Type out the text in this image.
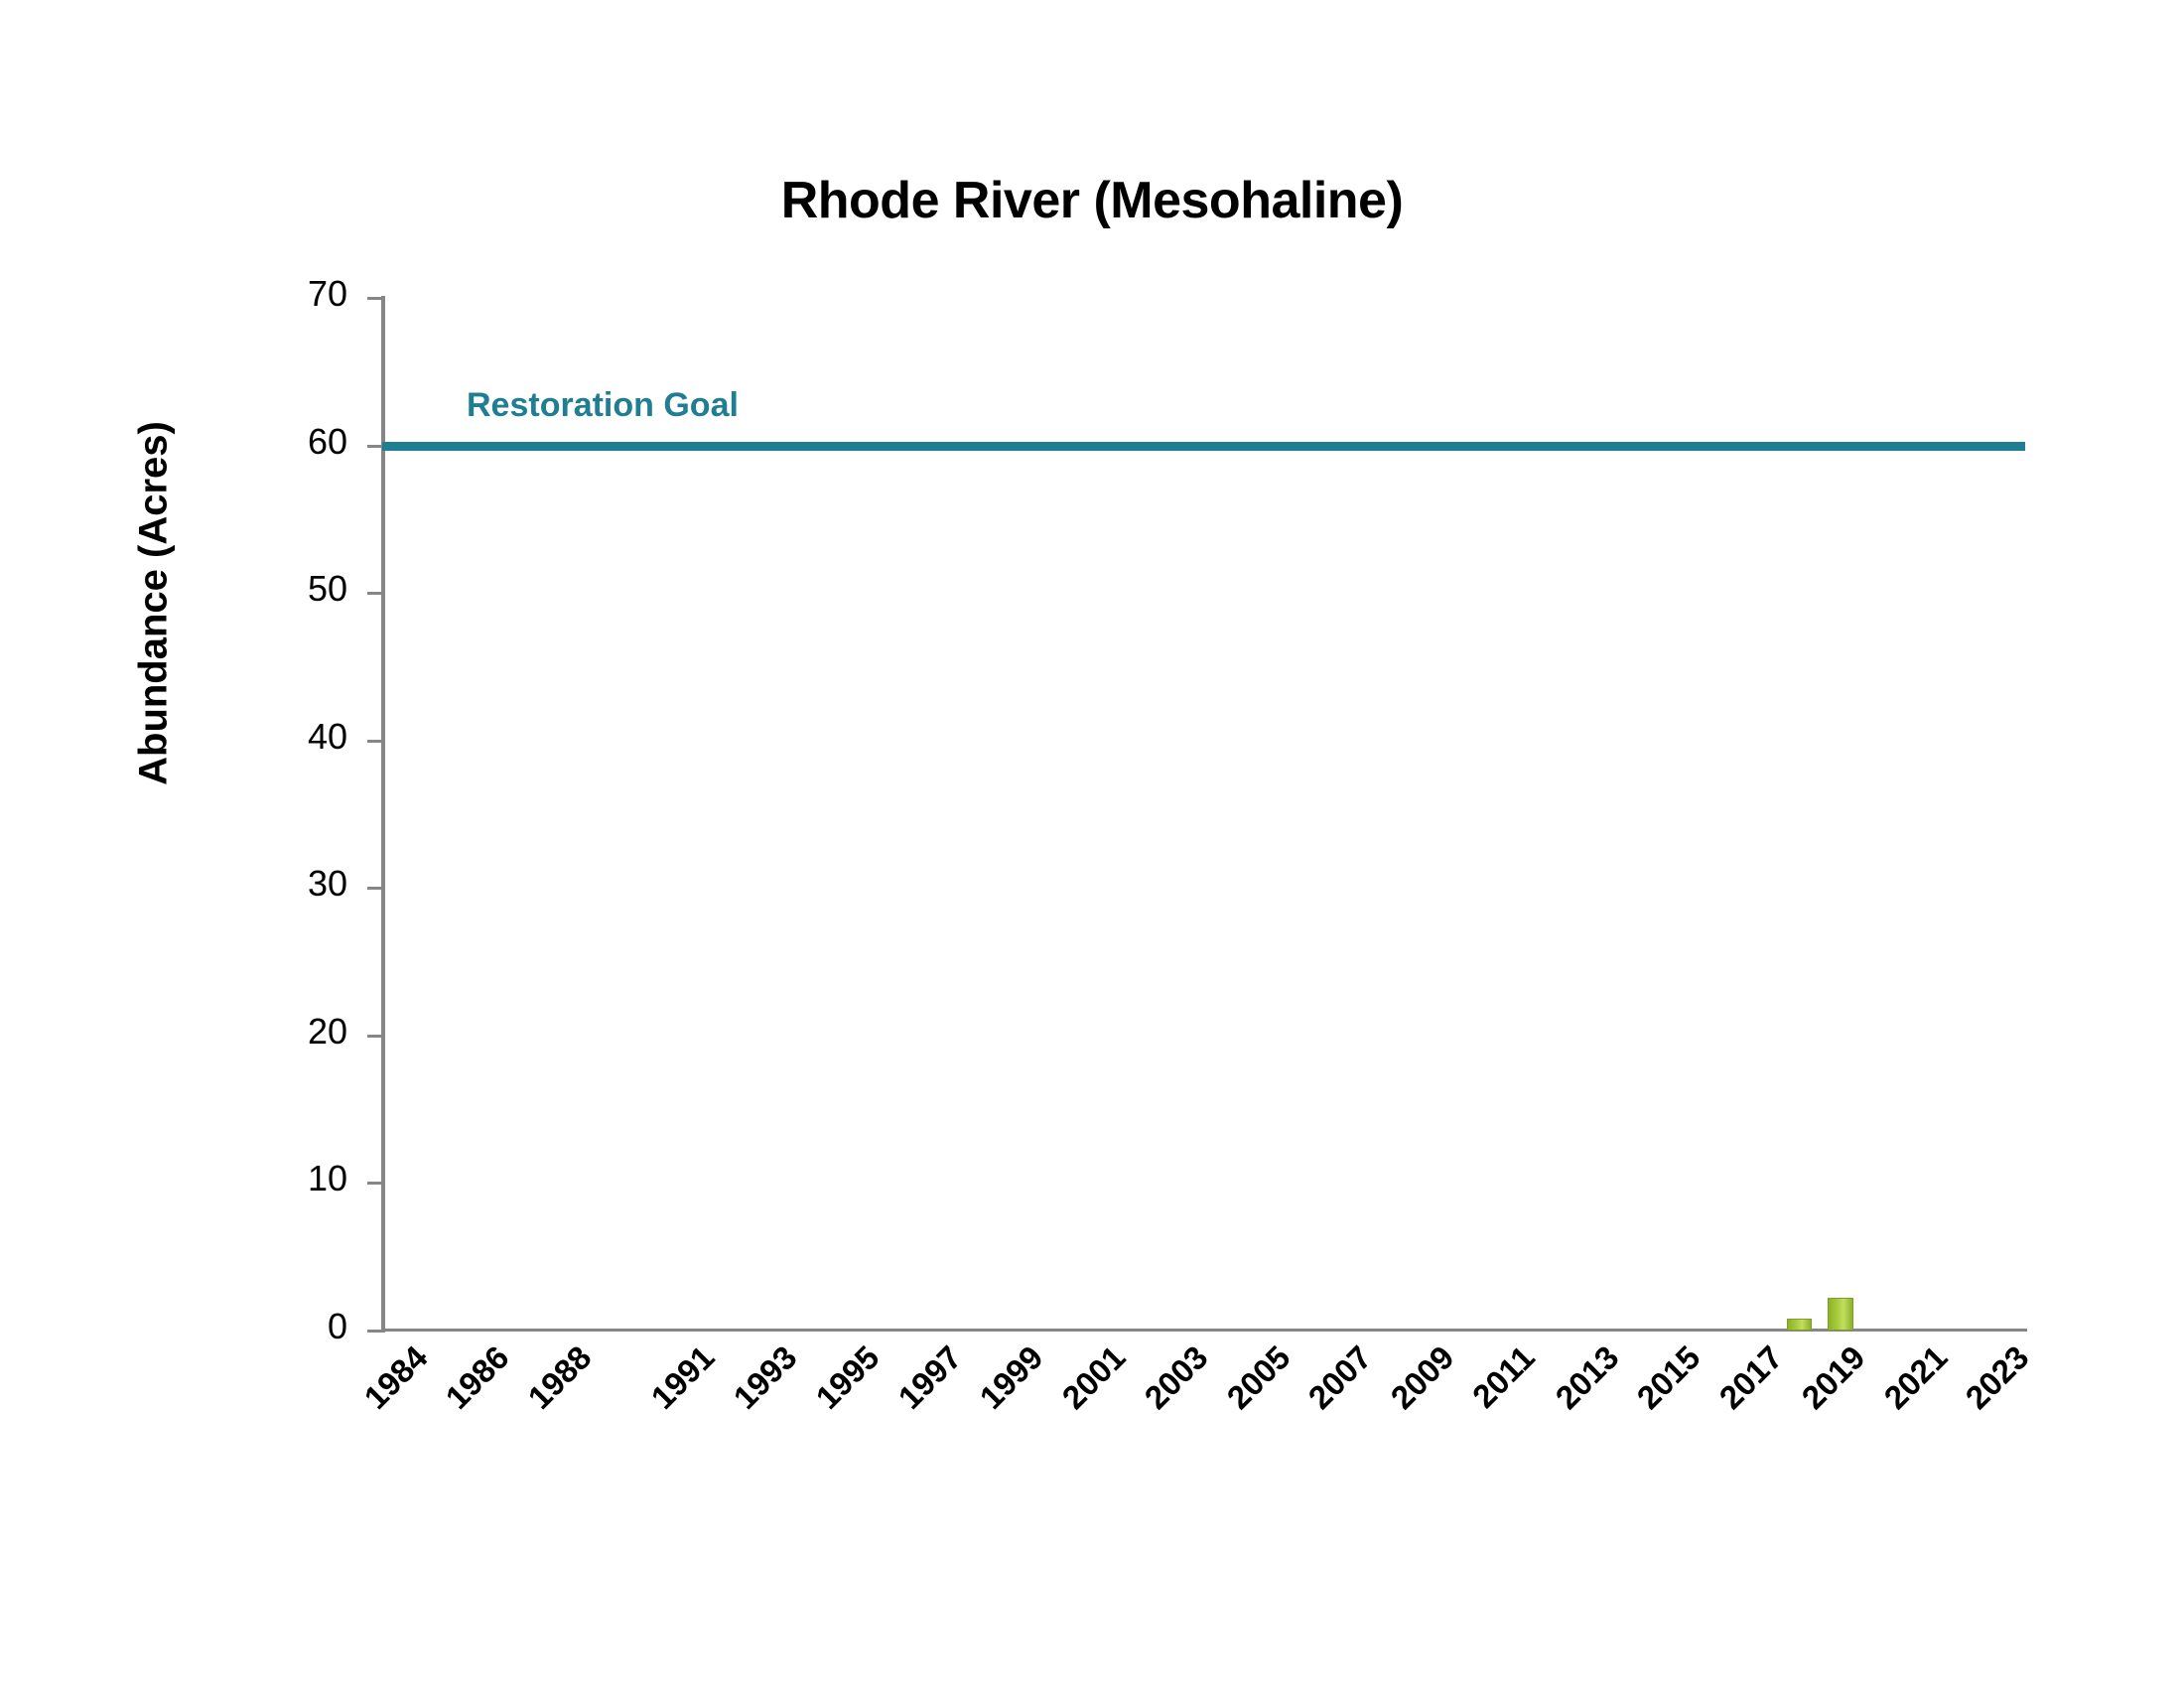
Rhode River (Mesohaline)
Abundance (Acres)
0
10
20
30
40
50
60
70
Restoration Goal
1984 1986 1988 1991 1993 1995 1997 1999 2001 2003 2005 2007 2009 2011 2013 2015 2017 2019 2021 2023
